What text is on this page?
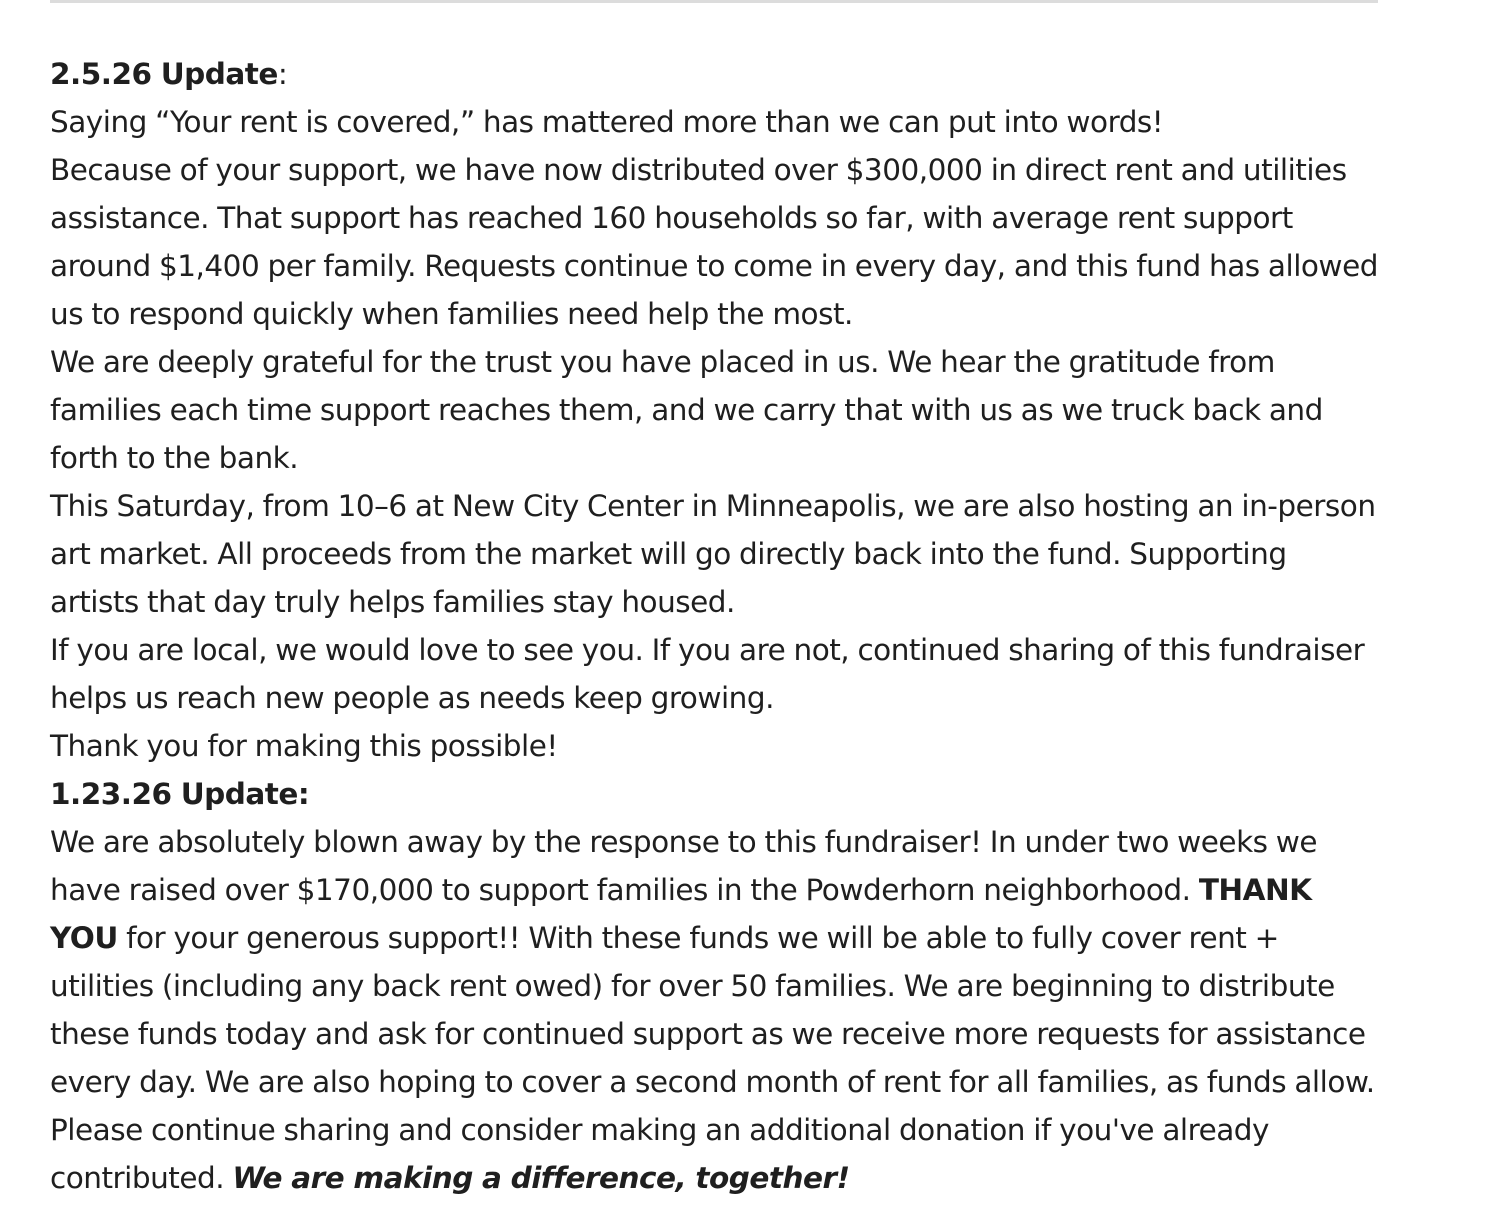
2.5.26 Update:

Saying “Your rent is covered,” has mattered more than we can put into words!

Because of your support, we have now distributed over $300,000 in direct rent and utilities assistance. That support has reached 160 households so far, with average rent support around $1,400 per family. Requests continue to come in every day, and this fund has allowed us to respond quickly when families need help the most.

We are deeply grateful for the trust you have placed in us. We hear the gratitude from families each time support reaches them, and we carry that with us as we truck back and forth to the bank.

This Saturday, from 10–6 at New City Center in Minneapolis, we are also hosting an in-person art market. All proceeds from the market will go directly back into the fund. Supporting artists that day truly helps families stay housed.

If you are local, we would love to see you. If you are not, continued sharing of this fundraiser helps us reach new people as needs keep growing.

Thank you for making this possible!

1.23.26 Update:

We are absolutely blown away by the response to this fundraiser! In under two weeks we have raised over $170,000 to support families in the Powderhorn neighborhood. THANK YOU for your generous support!! With these funds we will be able to fully cover rent + utilities (including any back rent owed) for over 50 families. We are beginning to distribute these funds today and ask for continued support as we receive more requests for assistance every day. We are also hoping to cover a second month of rent for all families, as funds allow. Please continue sharing and consider making an additional donation if you've already contributed. We are making a difference, together!
